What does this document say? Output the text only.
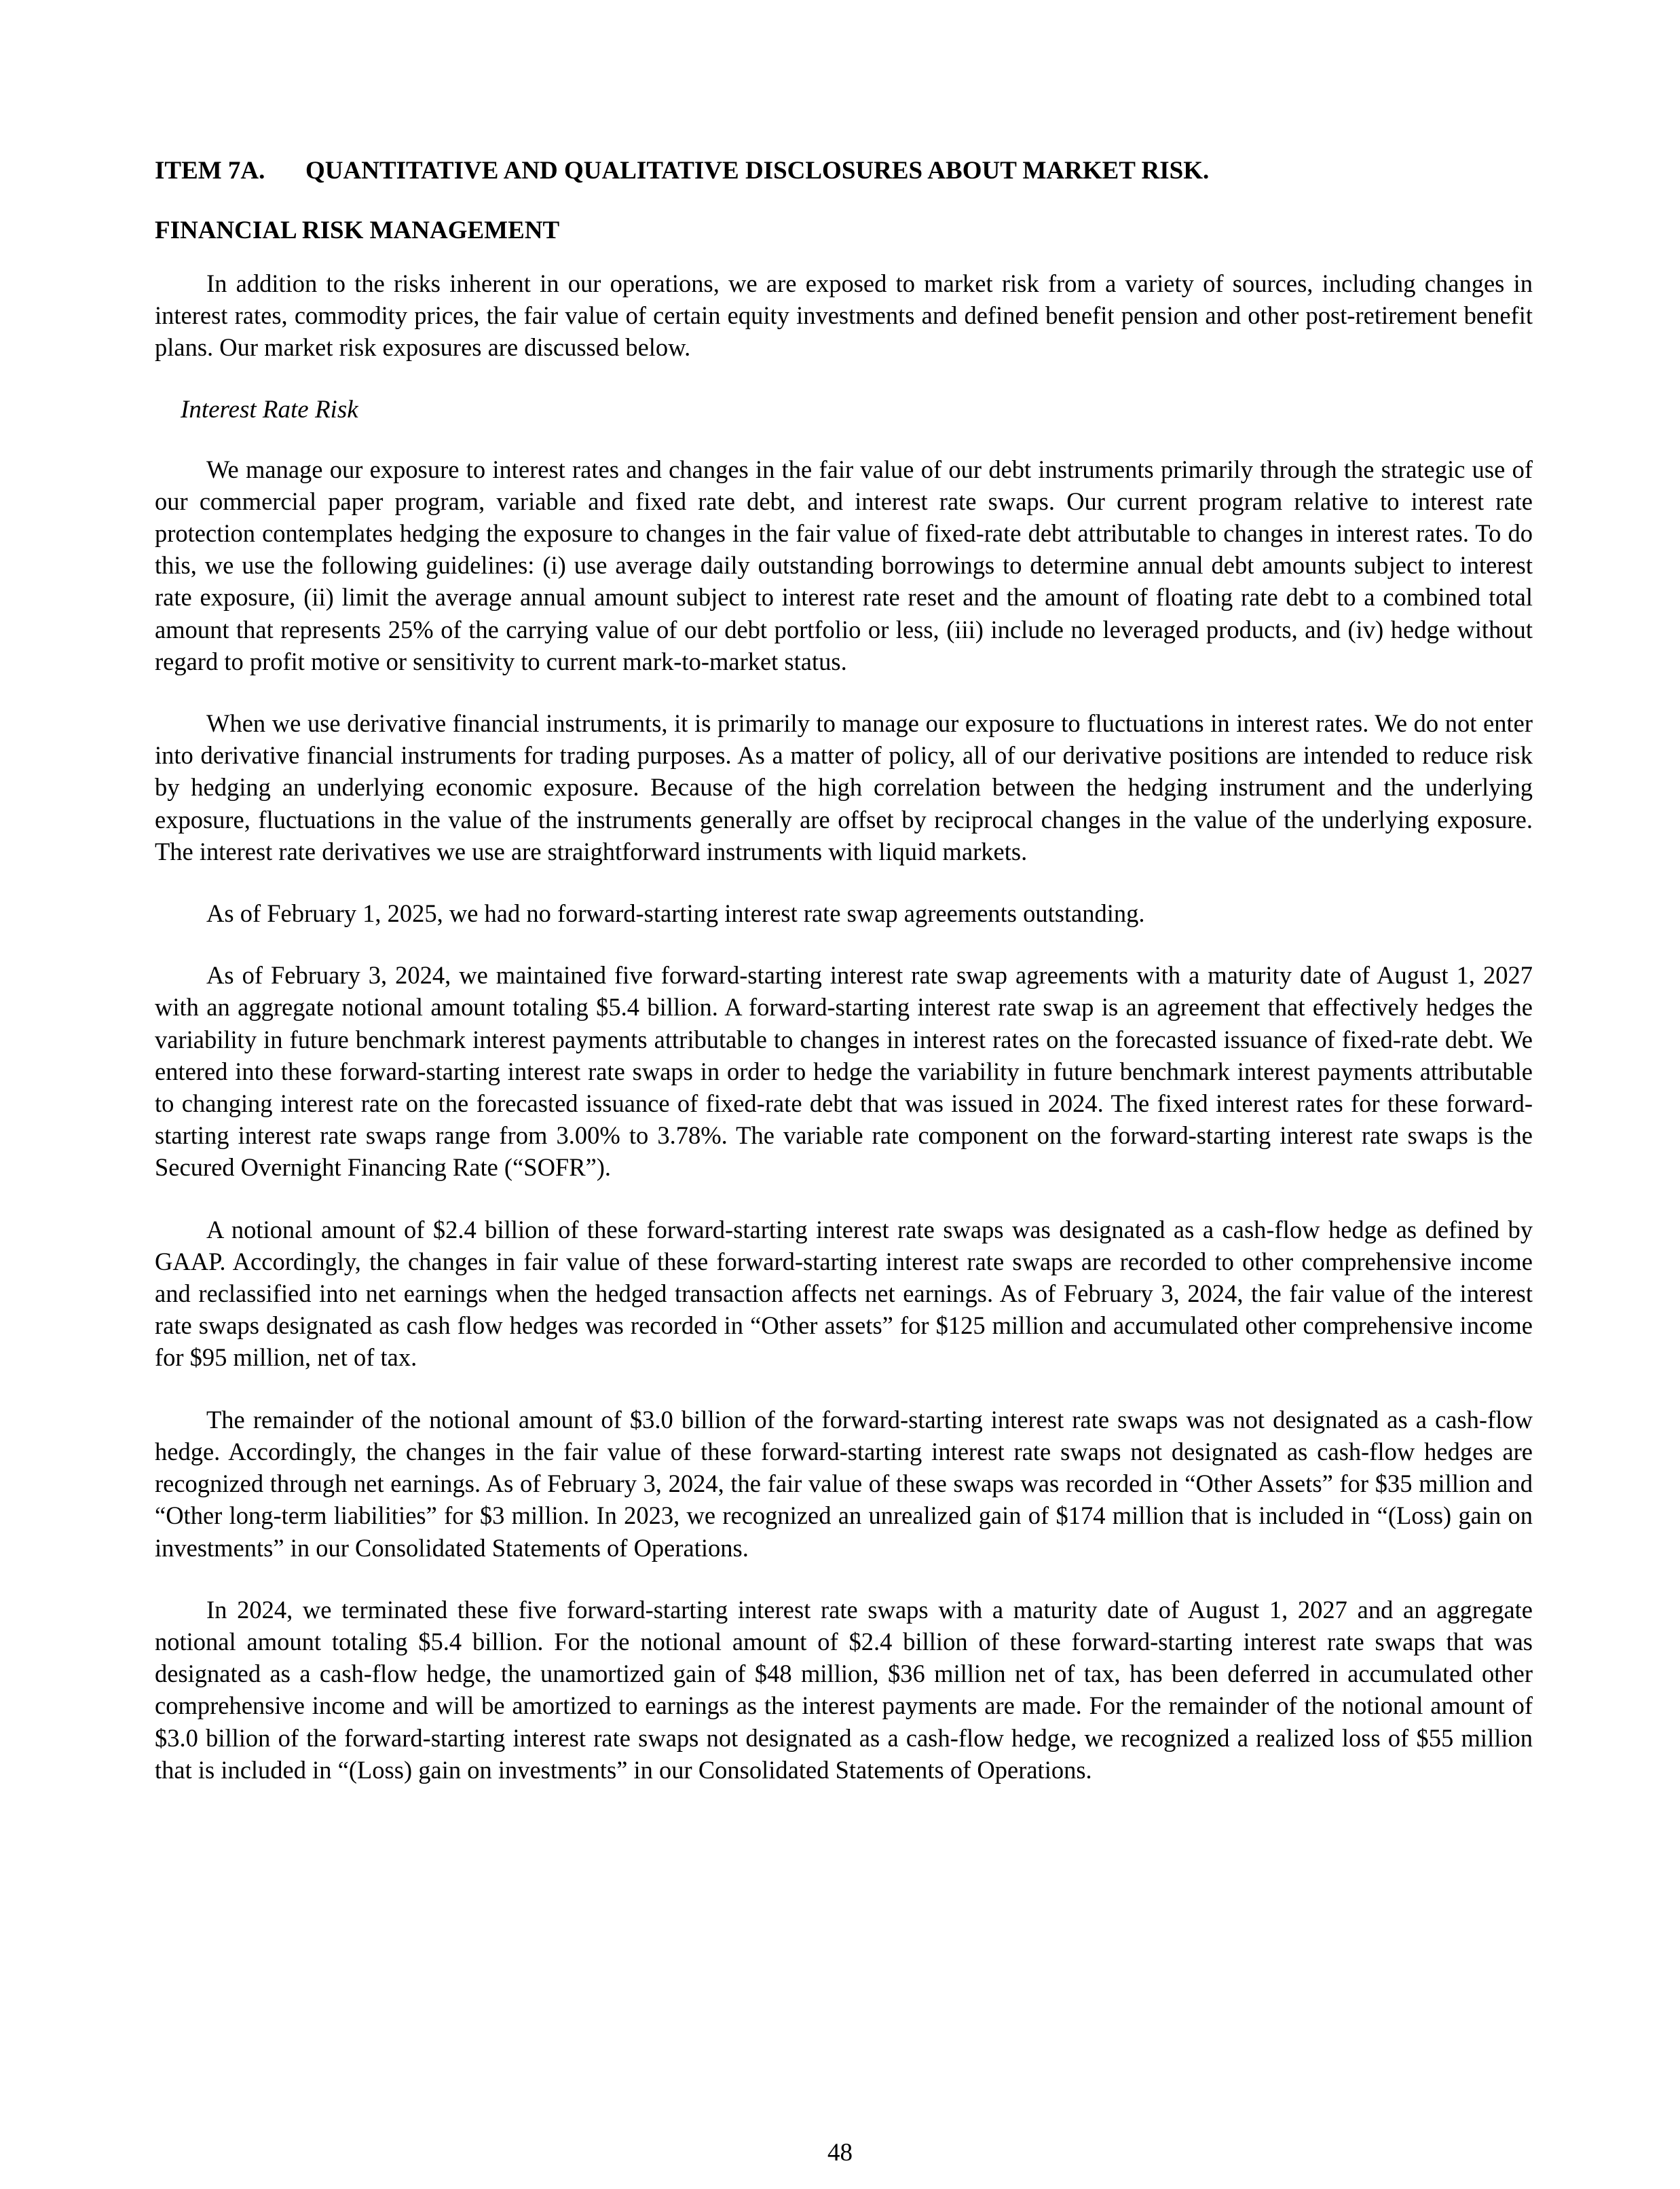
ITEM 7A. QUANTITATIVE AND QUALITATIVE DISCLOSURES ABOUT MARKET RISK.
FINANCIAL RISK MANAGEMENT

In addition to the risks inherent in our operations, we are exposed to market risk from a variety of sources, including changes in interest rates, commodity prices, the fair value of certain equity investments and defined benefit pension and other post-retirement benefit plans. Our market risk exposures are discussed below.

Interest Rate Risk

We manage our exposure to interest rates and changes in the fair value of our debt instruments primarily through the strategic use of our commercial paper program, variable and fixed rate debt, and interest rate swaps. Our current program relative to interest rate protection contemplates hedging the exposure to changes in the fair value of fixed-rate debt attributable to changes in interest rates. To do this, we use the following guidelines: (i) use average daily outstanding borrowings to determine annual debt amounts subject to interest rate exposure, (ii) limit the average annual amount subject to interest rate reset and the amount of floating rate debt to a combined total amount that represents 25% of the carrying value of our debt portfolio or less, (iii) include no leveraged products, and (iv) hedge without regard to profit motive or sensitivity to current mark-to-market status.

When we use derivative financial instruments, it is primarily to manage our exposure to fluctuations in interest rates. We do not enter into derivative financial instruments for trading purposes. As a matter of policy, all of our derivative positions are intended to reduce risk by hedging an underlying economic exposure. Because of the high correlation between the hedging instrument and the underlying exposure, fluctuations in the value of the instruments generally are offset by reciprocal changes in the value of the underlying exposure. The interest rate derivatives we use are straightforward instruments with liquid markets.

As of February 1, 2025, we had no forward-starting interest rate swap agreements outstanding.

As of February 3, 2024, we maintained five forward-starting interest rate swap agreements with a maturity date of August 1, 2027 with an aggregate notional amount totaling $5.4 billion. A forward-starting interest rate swap is an agreement that effectively hedges the variability in future benchmark interest payments attributable to changes in interest rates on the forecasted issuance of fixed-rate debt. We entered into these forward-starting interest rate swaps in order to hedge the variability in future benchmark interest payments attributable to changing interest rate on the forecasted issuance of fixed-rate debt that was issued in 2024. The fixed interest rates for these forward-starting interest rate swaps range from 3.00% to 3.78%. The variable rate component on the forward-starting interest rate swaps is the Secured Overnight Financing Rate (“SOFR”).

A notional amount of $2.4 billion of these forward-starting interest rate swaps was designated as a cash-flow hedge as defined by GAAP. Accordingly, the changes in fair value of these forward-starting interest rate swaps are recorded to other comprehensive income and reclassified into net earnings when the hedged transaction affects net earnings. As of February 3, 2024, the fair value of the interest rate swaps designated as cash flow hedges was recorded in “Other assets” for $125 million and accumulated other comprehensive income for $95 million, net of tax.

The remainder of the notional amount of $3.0 billion of the forward-starting interest rate swaps was not designated as a cash-flow hedge. Accordingly, the changes in the fair value of these forward-starting interest rate swaps not designated as cash-flow hedges are recognized through net earnings. As of February 3, 2024, the fair value of these swaps was recorded in “Other Assets” for $35 million and “Other long-term liabilities” for $3 million. In 2023, we recognized an unrealized gain of $174 million that is included in “(Loss) gain on investments” in our Consolidated Statements of Operations.

In 2024, we terminated these five forward-starting interest rate swaps with a maturity date of August 1, 2027 and an aggregate notional amount totaling $5.4 billion. For the notional amount of $2.4 billion of these forward-starting interest rate swaps that was designated as a cash-flow hedge, the unamortized gain of $48 million, $36 million net of tax, has been deferred in accumulated other comprehensive income and will be amortized to earnings as the interest payments are made. For the remainder of the notional amount of $3.0 billion of the forward-starting interest rate swaps not designated as a cash-flow hedge, we recognized a realized loss of $55 million that is included in “(Loss) gain on investments” in our Consolidated Statements of Operations.

48
